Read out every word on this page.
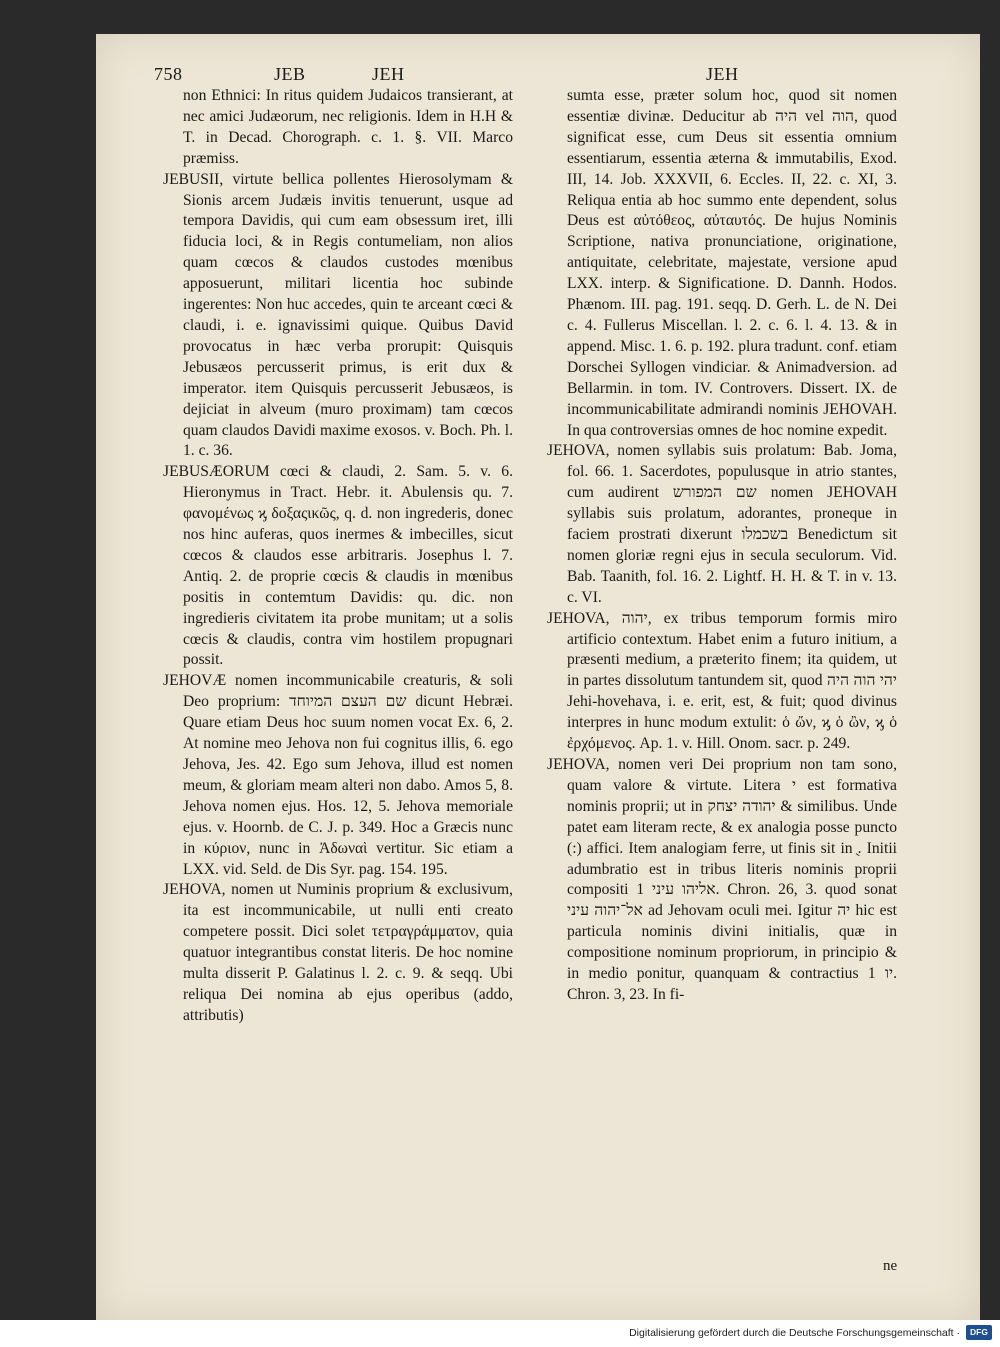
758	JEB	JEH	JEH

non Ethnici: In ritus quidem Judaicos transierant, at nec amici Judæorum, nec religionis. Idem in H.H & T. in Decad. Chorograph. c. 1. §. VII. Marco præmiss.

JEBUSII, virtute bellica pollentes Hierosolymam & Sionis arcem Judæis invitis tenuerunt, usque ad tempora Davidis, qui cum eam obsessum iret, illi fiducia loci, & in Regis contumeliam, non alios quam cœcos & claudos custodes mœnibus apposuerunt, militari licentia hoc subinde ingerentes: Non huc accedes, quin te arceant cœci & claudi, i. e. ignavissimi quique. Quibus David provocatus in hæc verba prorupit: Quisquis Jebusæos percusserit primus, is erit dux & imperator. item Quisquis percusserit Jebusæos, is dejiciat in alveum (muro proximam) tam cœcos quam claudos Davidi maxime exosos. v. Boch. Ph. l. 1. c. 36.

JEBUSÆORUM cœci & claudi, 2. Sam. 5. v. 6. Hieronymus in Tract. Hebr. it. Abulensis qu. 7. φανομένως ϗ δοξαςικῶς, q. d. non ingrederis, donec nos hinc auferas, quos inermes & imbecilles, sicut cœcos & claudos esse arbitraris. Josephus l. 7. Antiq. 2. de proprie cœcis & claudis in mœnibus positis in contemtum Davidis: qu. dic. non ingredieris civitatem ita probe munitam; ut a solis cœcis & claudis, contra vim hostilem propugnari possit.

JEHOVÆ nomen incommunicabile creaturis, & soli Deo proprium: שם העצם המיוחד dicunt Hebræi. Quare etiam Deus hoc suum nomen vocat Ex. 6, 2. At nomine meo Jehova non fui cognitus illis, 6. ego Jehova, Jes. 42. Ego sum Jehova, illud est nomen meum, & gloriam meam alteri non dabo. Amos 5, 8. Jehova nomen ejus. Hos. 12, 5. Jehova memoriale ejus. v. Hoornb. de C. J. p. 349. Hoc a Græcis nunc in κύριον, nunc in Ἀδωναὶ vertitur. Sic etiam a LXX. vid. Seld. de Dis Syr. pag. 154. 195.

JEHOVA, nomen ut Numinis proprium & exclusivum, ita est incommunicabile, ut nulli enti creato competere possit. Dici solet τετραγράμματον, quia quatuor integrantibus constat literis. De hoc nomine multa disserit P. Galatinus l. 2. c. 9. & seqq. Ubi reliqua Dei nomina ab ejus operibus (addo, attributis)

sumta esse, præter solum hoc, quod sit nomen essentiæ divinæ. Deducitur ab היה vel הוה, quod significat esse, cum Deus sit essentia omnium essentiarum, essentia æterna & immutabilis, Exod. III, 14. Job. XXXVII, 6. Eccles. II, 22. c. XI, 3. Reliqua entia ab hoc summo ente dependent, solus Deus est αὐτόθεος, αὐταυτός. De hujus Nominis Scriptione, nativa pronunciatione, originatione, antiquitate, celebritate, majestate, versione apud LXX. interp. & Significatione. D. Dannh. Hodos. Phænom. III. pag. 191. seqq. D. Gerh. L. de N. Dei c. 4. Fullerus Miscellan. l. 2. c. 6. l. 4. 13. & in append. Misc. 1. 6. p. 192. plura tradunt. conf. etiam Dorschei Syllogen vindiciar. & Animadversion. ad Bellarmin. in tom. IV. Controvers. Dissert. IX. de incommunicabilitate admirandi nominis JEHOVAH. In qua controversias omnes de hoc nomine expedit.

JEHOVA, nomen syllabis suis prolatum: Bab. Joma, fol. 66. 1. Sacerdotes, populusque in atrio stantes, cum audirent שם המפורש nomen JEHOVAH syllabis suis prolatum, adorantes, proneque in faciem prostrati dixerunt בשכמלו Benedictum sit nomen gloriæ regni ejus in secula seculorum. Vid. Bab. Taanith, fol. 16. 2. Lightf. H. H. & T. in v. 13. c. VI.

JEHOVA, יהוה, ex tribus temporum formis miro artificio contextum. Habet enim a futuro initium, a præsenti medium, a præterito finem; ita quidem, ut in partes dissolutum tantundem sit, quod יהי הוה היה Jehi-hovehava, i. e. erit, est, & fuit; quod divinus interpres in hunc modum extulit: ὁ ὤν, ϗ ὁ ὢν, ϗ ὁ ἐρχόμενος. Ap. 1. v. Hill. Onom. sacr. p. 249.

JEHOVA, nomen veri Dei proprium non tam sono, quam valore & virtute. Litera י est formativa nominis proprii; ut in יהודה יצחק & similibus. Unde patet eam literam recte, & ex analogia posse puncto (:) affici. Item analogiam ferre, ut finis sit in ֻ. Initii adumbratio est in tribus literis nominis proprii compositi אליהו עיני 1. Chron. 26, 3. quod sonat אל־יהוה עיני ad Jehovam oculi mei. Igitur יה hic est particula nominis divini initialis, quæ in compositione nominum propriorum, in principio & in medio ponitur, quanquam & contractius יו 1. Chron. 3, 23. In fi-

ne
Digitalisierung gefördert durch die Deutsche Forschungsgemeinschaft ·	DFG
